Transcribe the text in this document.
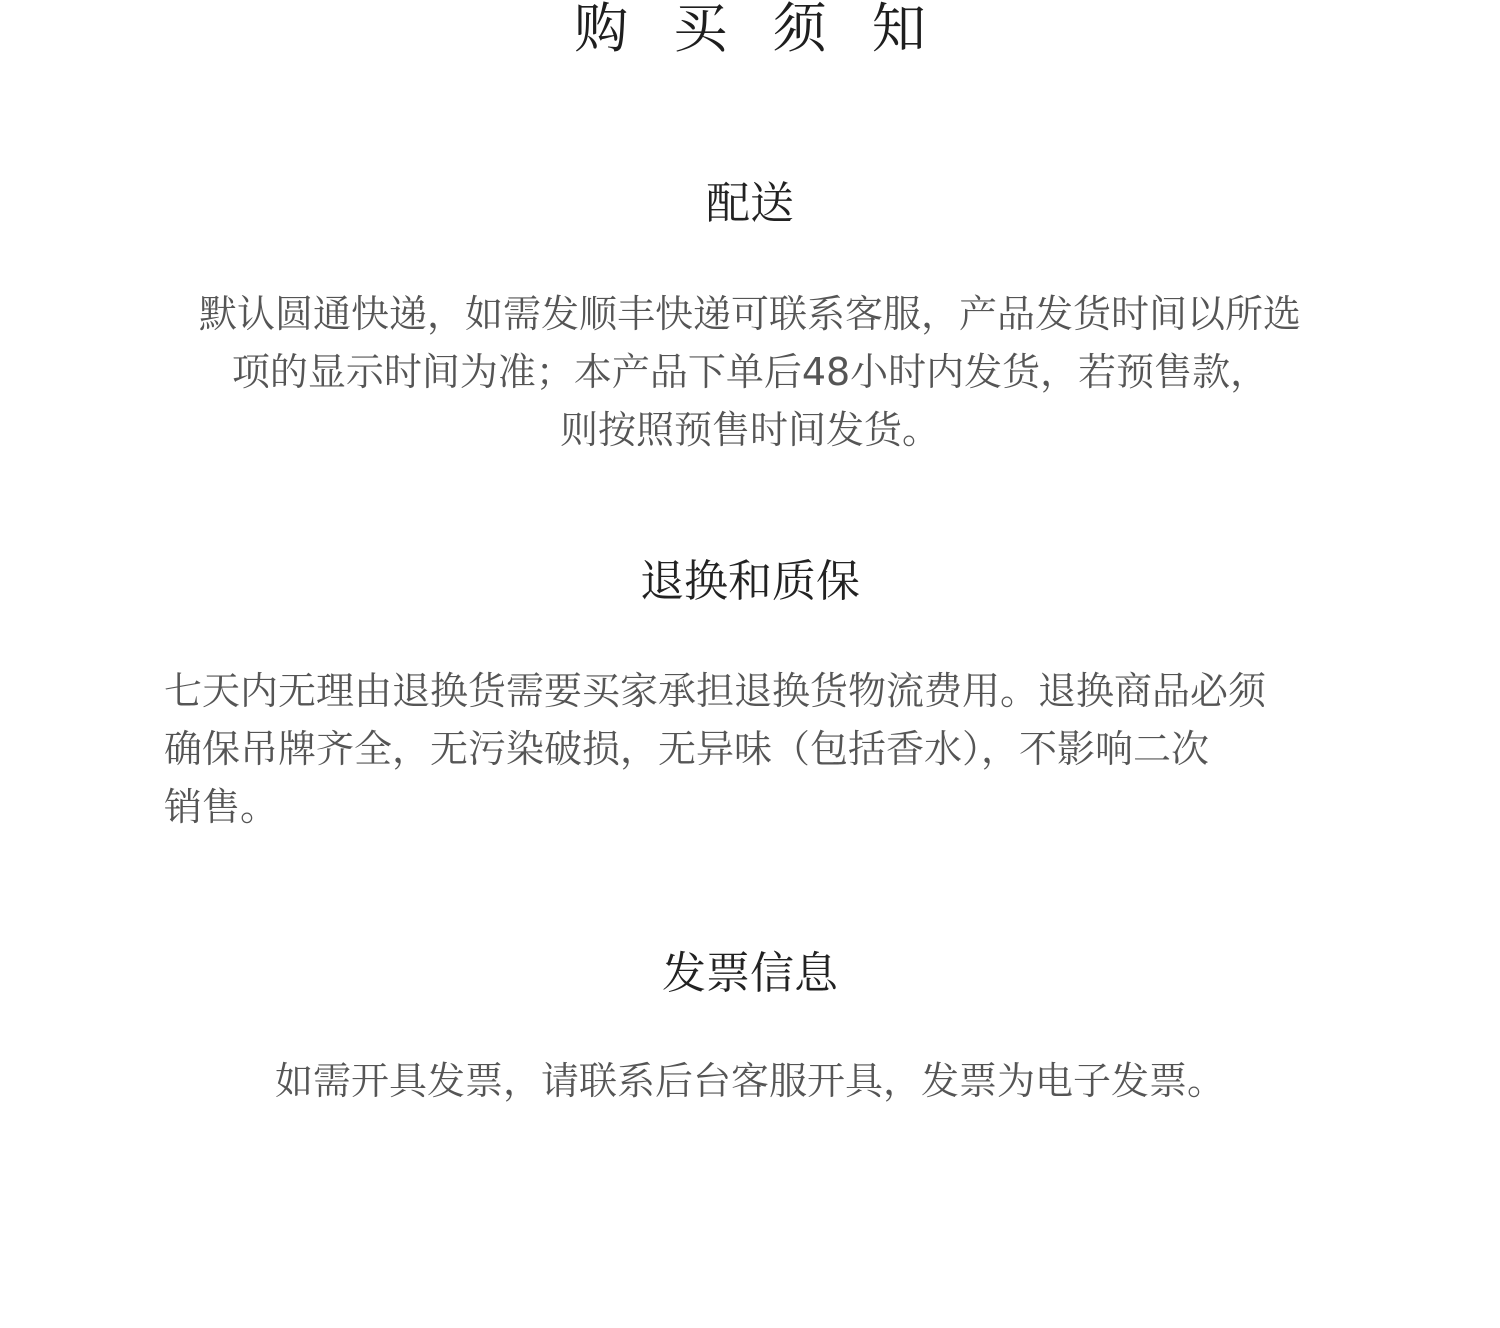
购 买 须 知
配送

默认圆通快递，如需发顺丰快递可联系客服，产品发货时间以所选
项的显示时间为准；本产品下单后48小时内发货，若预售款，
则按照预售时间发货。

退换和质保

七天内无理由退换货需要买家承担退换货物流费用。退换商品必须
确保吊牌齐全，无污染破损，无异味（包括香水），不影响二次
销售。

发票信息

如需开具发票，请联系后台客服开具，发票为电子发票。
